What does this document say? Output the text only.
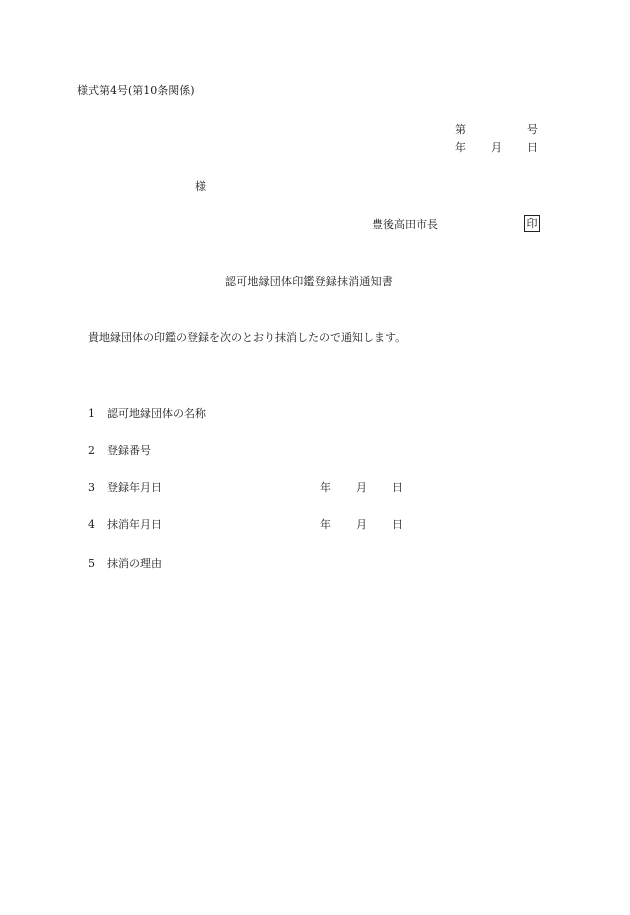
様式第4号(第10条関係)
第	号
年 月 日
様
豊後高田市長	印
認可地縁団体印鑑登録抹消通知書
貴地縁団体の印鑑の登録を次のとおり抹消したので通知します。
1 認可地縁団体の名称
2 登録番号
3 登録年月日	年 月 日
4 抹消年月日	年 月 日
5 抹消の理由
